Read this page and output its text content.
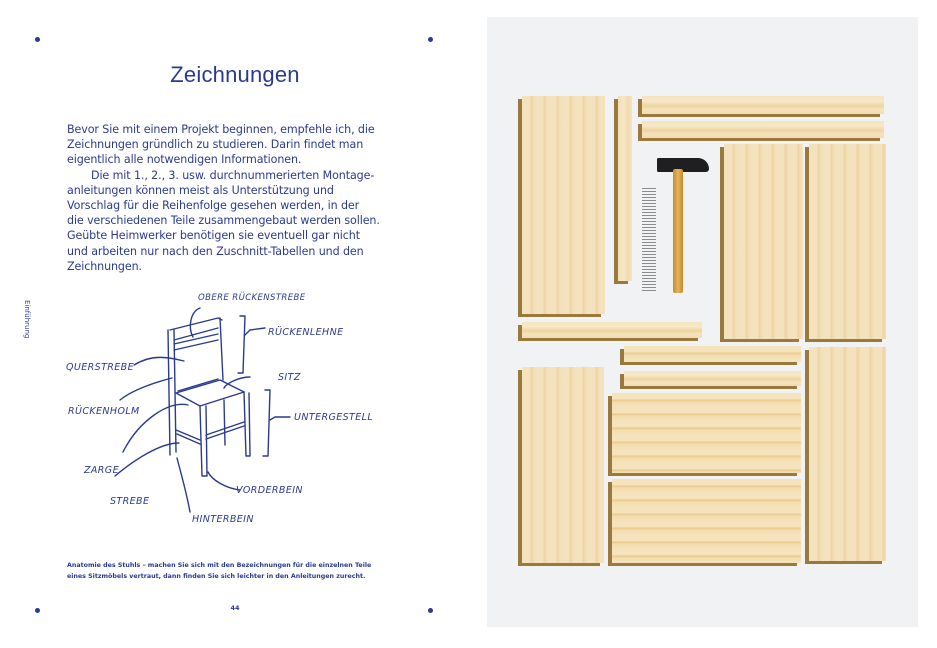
Zeichnungen
Bevor Sie mit einem Projekt beginnen, empfehle ich, die
Zeichnungen gründlich zu studieren. Darin findet man
eigentlich alle notwendigen Informationen.
Die mit 1., 2., 3. usw. durchnummerierten Montage-
anleitungen können meist als Unterstützung und
Vorschlag für die Reihenfolge gesehen werden, in der
die verschiedenen Teile zusammengebaut werden sollen.
Geübte Heimwerker benötigen sie eventuell gar nicht
und arbeiten nur nach den Zuschnitt-Tabellen und den
Zeichnungen.
Einführung
OBERE RÜCKENSTREBE
RÜCKENLEHNE
QUERSTREBE
SITZ
RÜCKENHOLM
UNTERGESTELL
ZARGE
VORDERBEIN
STREBE
HINTERBEIN
Anatomie des Stuhls – machen Sie sich mit den Bezeichnungen für die einzelnen Teile
eines Sitzmöbels vertraut, dann finden Sie sich leichter in den Anleitungen zurecht.
44
